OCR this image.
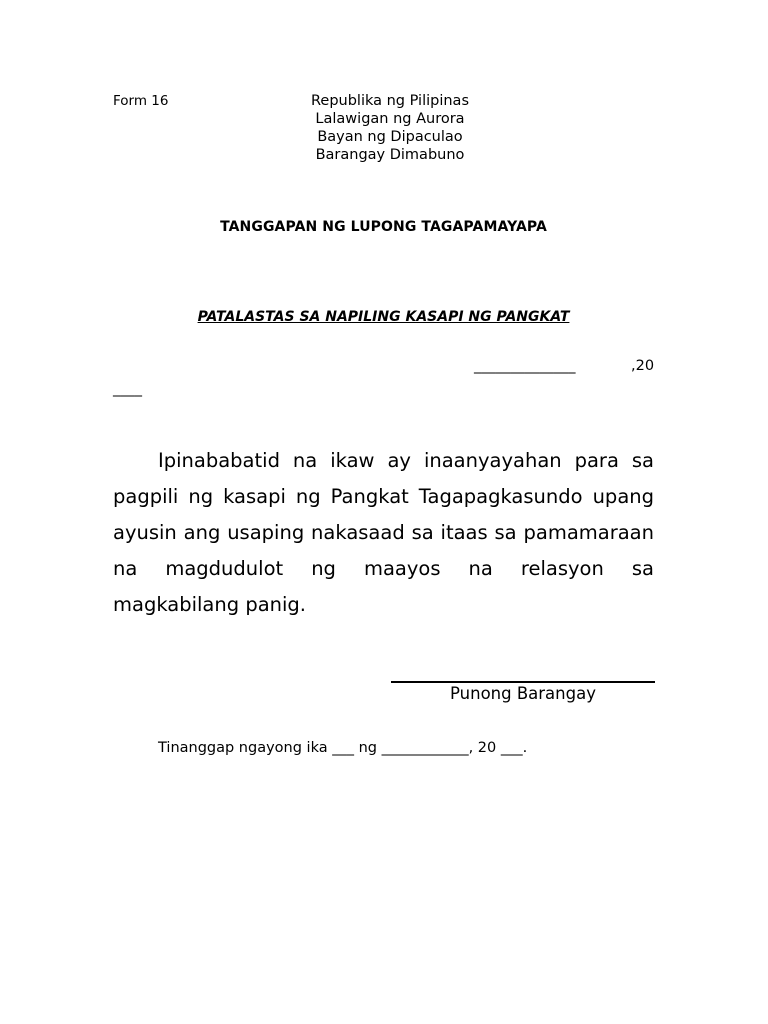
Form 16	Republika ng Pilipinas
Lalawigan ng Aurora
Bayan ng Dipaculao
Barangay Dimabuno
TANGGAPAN NG LUPONG TAGAPAMAYAPA
PATALASTAS SA NAPILING KASAPI NG PANGKAT
______________	,20
____
Ipinababatid na ikaw ay inaanyayahan para sa pagpili ng kasapi ng Pangkat Tagapagkasundo upang ayusin ang usaping nakasaad sa itaas sa pamamaraan na magdudulot ng maayos na relasyon sa magkabilang panig.
Punong Barangay
Tinanggap ngayong ika ___ ng ____________, 20 ___.
